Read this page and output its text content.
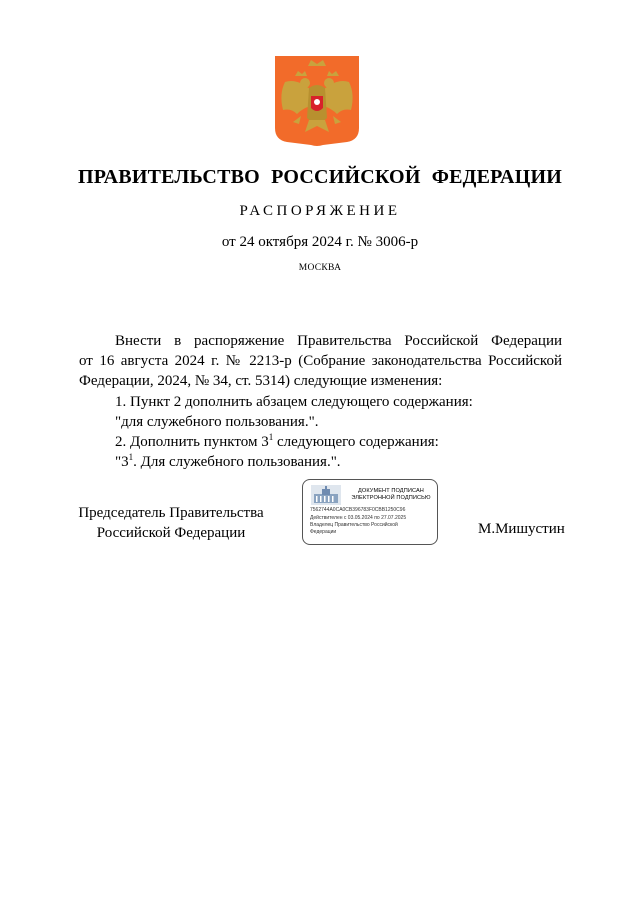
ПРАВИТЕЛЬСТВО РОССИЙСКОЙ ФЕДЕРАЦИИ
РАСПОРЯЖЕНИЕ
от 24 октября 2024 г. № 3006-р
МОСКВА

Внести в распоряжение Правительства Российской Федерации

от 16 августа 2024 г. № 2213-р (Собрание законодательства Российской

Федерации, 2024, № 34, ст. 5314) следующие изменения:

1. Пункт 2 дополнить абзацем следующего содержания:

"для служебного пользования.".

2. Дополнить пунктом $3^1$ следующего содержания:

"$3^1$. Для служебного пользования.".

Председатель Правительства
Российской Федерации
ДОКУМЕНТ ПОДПИСАН
ЭЛЕКТРОННОЙ ПОДПИСЬЮ
7562744A0CA0CB396783F0CBB1250C96
Действителен с 03.05.2024 по 27.07.2025
Владелец Правительство Российской
Федерации	М.Мишустин
